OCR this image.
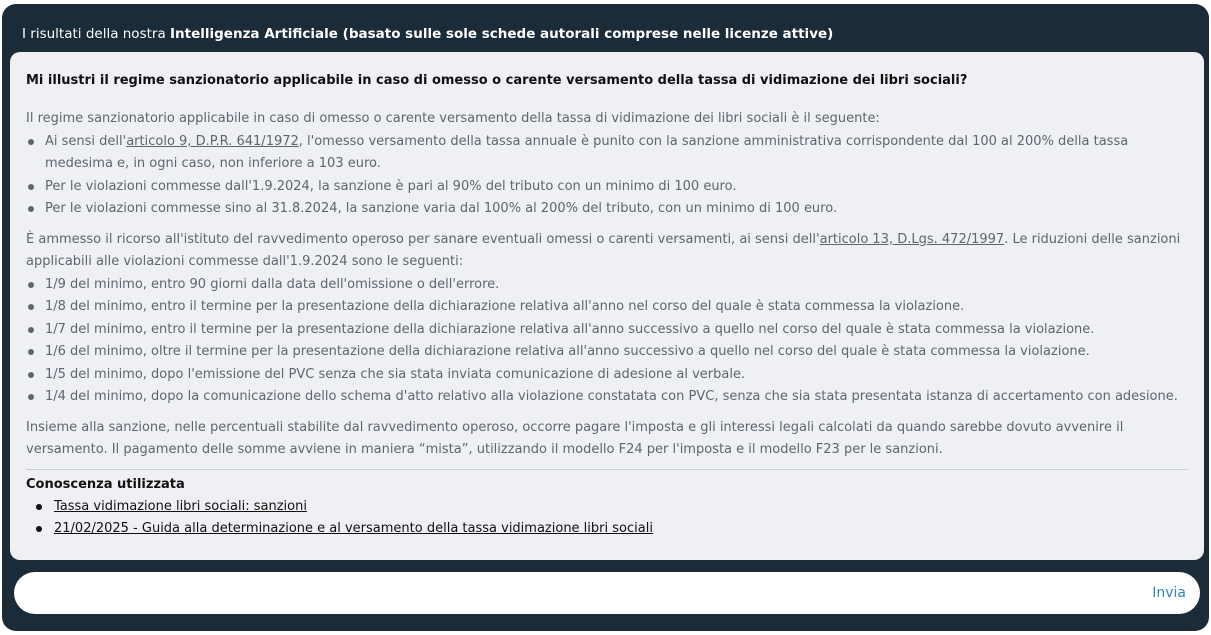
I risultati della nostra Intelligenza Artificiale (basato sulle sole schede autorali comprese nelle licenze attive)
Mi illustri il regime sanzionatorio applicabile in caso di omesso o carente versamento della tassa di vidimazione dei libri sociali?

Il regime sanzionatorio applicabile in caso di omesso o carente versamento della tassa di vidimazione dei libri sociali è il seguente:

Ai sensi dell'articolo 9, D.P.R. 641/1972, l'omesso versamento della tassa annuale è punito con la sanzione amministrativa corrispondente dal 100 al 200% della tassa medesima e, in ogni caso, non inferiore a 103 euro.
Per le violazioni commesse dall'1.9.2024, la sanzione è pari al 90% del tributo con un minimo di 100 euro.
Per le violazioni commesse sino al 31.8.2024, la sanzione varia dal 100% al 200% del tributo, con un minimo di 100 euro.

È ammesso il ricorso all'istituto del ravvedimento operoso per sanare eventuali omessi o carenti versamenti, ai sensi dell'articolo 13, D.Lgs. 472/1997. Le riduzioni delle sanzioni applicabili alle violazioni commesse dall'1.9.2024 sono le seguenti:

1/9 del minimo, entro 90 giorni dalla data dell'omissione o dell'errore.
1/8 del minimo, entro il termine per la presentazione della dichiarazione relativa all'anno nel corso del quale è stata commessa la violazione.
1/7 del minimo, entro il termine per la presentazione della dichiarazione relativa all'anno successivo a quello nel corso del quale è stata commessa la violazione.
1/6 del minimo, oltre il termine per la presentazione della dichiarazione relativa all'anno successivo a quello nel corso del quale è stata commessa la violazione.
1/5 del minimo, dopo l'emissione del PVC senza che sia stata inviata comunicazione di adesione al verbale.
1/4 del minimo, dopo la comunicazione dello schema d'atto relativo alla violazione constatata con PVC, senza che sia stata presentata istanza di accertamento con adesione.

Insieme alla sanzione, nelle percentuali stabilite dal ravvedimento operoso, occorre pagare l'imposta e gli interessi legali calcolati da quando sarebbe dovuto avvenire il versamento. Il pagamento delle somme avviene in maniera “mista”, utilizzando il modello F24 per l'imposta e il modello F23 per le sanzioni.

Conoscenza utilizzata
Tassa vidimazione libri sociali: sanzioni
21/02/2025 - Guida alla determinazione e al versamento della tassa vidimazione libri sociali
Invia
